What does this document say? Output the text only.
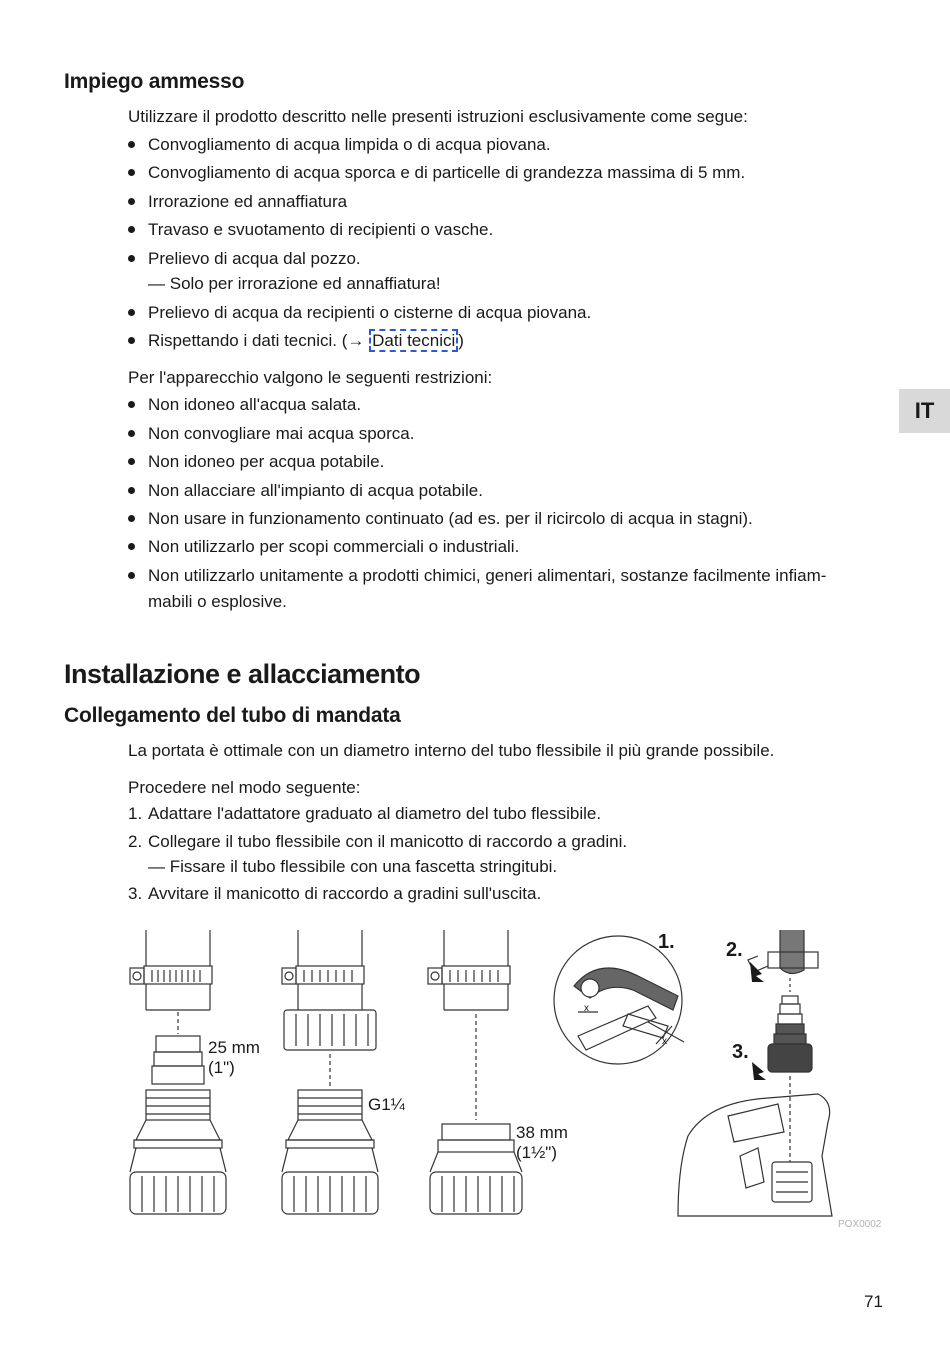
IT
Impiego ammesso

Utilizzare il prodotto descritto nelle presenti istruzioni esclusivamente come segue:

Convogliamento di acqua limpida o di acqua piovana.
Convogliamento di acqua sporca e di particelle di grandezza massima di 5 mm.
Irrorazione ed annaffiatura
Travaso e svuotamento di recipienti o vasche.
Prelievo di acqua dal pozzo.
— Solo per irrorazione ed annaffiatura!
Prelievo di acqua da recipienti o cisterne di acqua piovana.
Rispettando i dati tecnici. (→ Dati tecnici )

Per l'apparecchio valgono le seguenti restrizioni:

Non idoneo all'acqua salata.
Non convogliare mai acqua sporca.
Non idoneo per acqua potabile.
Non allacciare all'impianto di acqua potabile.
Non usare in funzionamento continuato (ad es. per il ricircolo di acqua in stagni).
Non utilizzarlo per scopi commerciali o industriali.
Non utilizzarlo unitamente a prodotti chimici, generi alimentari, sostanze facilmente infiam-mabili o esplosive.
Installazione e allacciamento
Collegamento del tubo di mandata

La portata è ottimale con un diametro interno del tubo flessibile il più grande possibile.

Procedere nel modo seguente:

1. Adattare l'adattatore graduato al diametro del tubo flessibile.
2. Collegare il tubo flessibile con il manicotto di raccordo a gradini.
— Fissare il tubo flessibile con una fascetta stringitubi.
3. Avvitare il manicotto di raccordo a gradini sull'uscita.
25 mm
(1")
G1¼
38 mm
(1½")
x
x
1.	2.
3.
POX0002
71
